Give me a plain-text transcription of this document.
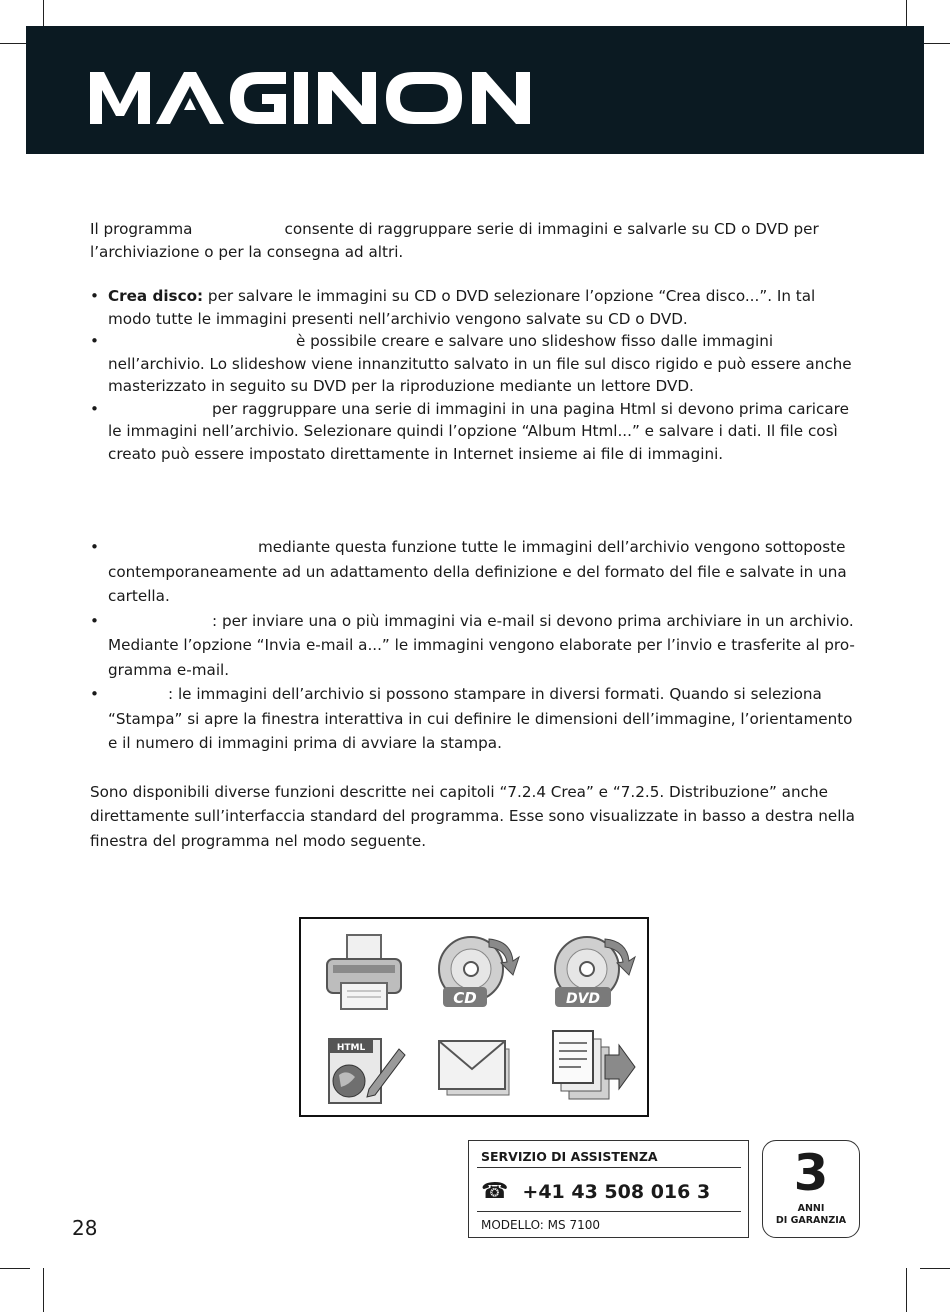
Il programma	consente di raggruppare serie di immagini e salvarle su CD o DVD per l’archiviazione o per la consegna ad altri.

• Crea disco: per salvare le immagini su CD o DVD selezionare l’opzione “Crea disco...”. In tal modo tutte le immagini presenti nell’archivio vengono salvate su CD o DVD.
•	è possibile creare e salvare uno slideshow fisso dalle immagini nell’archivio. Lo slideshow viene innanzitutto salvato in un file sul disco rigido e può essere anche masterizzato in seguito su DVD per la riproduzione mediante un lettore DVD.
•	per raggruppare una serie di immagini in una pagina Html si devono prima caricare le immagini nell’archivio. Selezionare quindi l’opzione “Album Html...” e salvare i dati. Il file così creato può essere impostato direttamente in Internet insieme ai file di immagini.
•	mediante questa funzione tutte le immagini dell’archivio vengono sottoposte contemporaneamente ad un adattamento della definizione e del formato del file e salvate in una cartella.
•	: per inviare una o più immagini via e-mail si devono prima archiviare in un archivio. Mediante l’opzione “Invia e-mail a...” le immagini vengono elaborate per l’invio e trasferite al pro-gramma e-mail.
•	: le immagini dell’archivio si possono stampare in diversi formati. Quando si seleziona “Stampa” si apre la finestra interattiva in cui definire le dimensioni dell’immagine, l’orientamento e il numero di immagini prima di avviare la stampa.

Sono disponibili diverse funzioni descritte nei capitoli “7.2.4 Crea” e “7.2.5. Distribuzione” anche direttamente sull’interfaccia standard del programma. Esse sono visualizzate in basso a destra nella finestra del programma nel modo seguente.

CD	DVD
HTML
SERVIZIO DI ASSISTENZA
☎ +41 43 508 016 3
MODELLO: MS 7100
3
ANNI
DI GARANZIA
28
